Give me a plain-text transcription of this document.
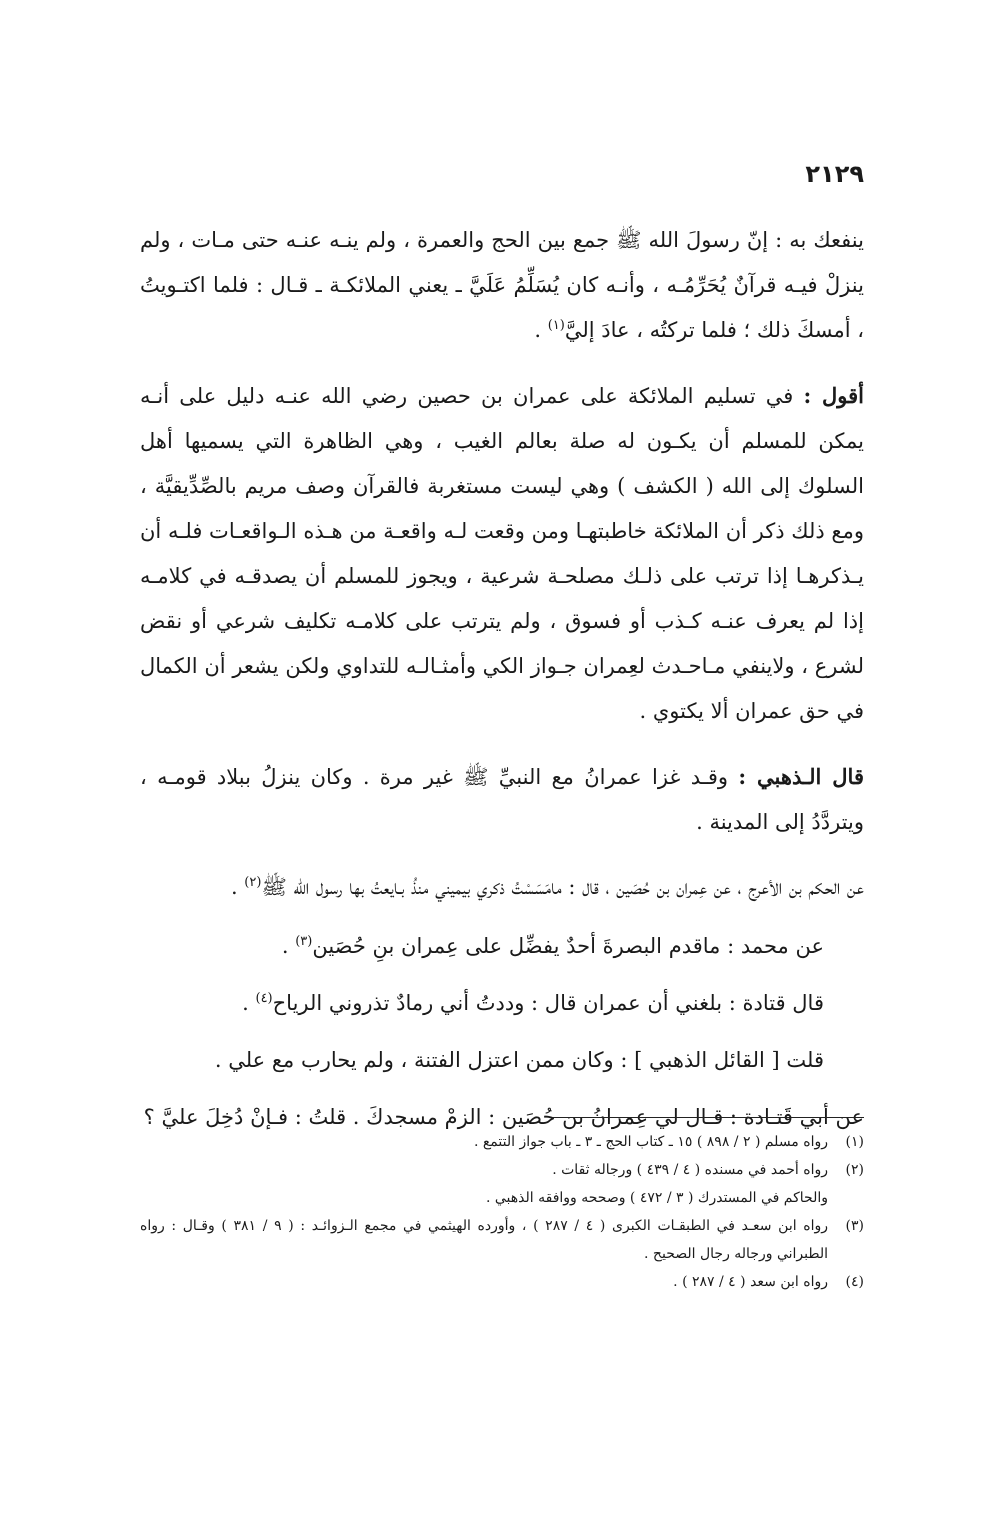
٢١٢٩

ينفعك به : إنّ رسولَ الله ﷺ جمع بين الحج والعمرة ، ولم ينـه عنـه حتى مـات ، ولم ينزلْ فيـه قرآنٌ يُحَرِّمُـه ، وأنـه كان يُسَلِّمُ عَلَيَّ ـ يعني الملائكـة ـ قـال : فلما اكتـويتُ ، أمسكَ ذلك ؛ فلما تركتُه ، عادَ إليَّ$^{(١)}$ .

أقول : في تسليم الملائكة على عمران بن حصين رضي الله عنـه دليل على أنـه يمكن للمسلم أن يكـون له صلة بعالم الغيب ، وهي الظاهرة التي يسميها أهل السلوك إلى الله ( الكشف ) وهي ليست مستغربة فالقرآن وصف مريم بالصِّدِّيقيَّة ، ومع ذلك ذكر أن الملائكة خاطبتهـا ومن وقعت لـه واقعـة من هـذه الـواقعـات فلـه أن يـذكرهـا إذا ترتب على ذلـك مصلحـة شرعية ، ويجوز للمسلم أن يصدقـه في كلامـه إذا لم يعرف عنـه كـذب أو فسوق ، ولم يترتب على كلامـه تكليف شرعي أو نقض لشرع ، ولاينفي مـاحـدث لعِمران جـواز الكي وأمثـالـه للتداوي ولكن يشعر أن الكمال في حق عمران ألا يكتوي .

قال الـذهبي : وقـد غزا عمرانُ مع النبيِّ ﷺ غير مرة . وكان ينزلُ ببلاد قومـه ، ويتردَّدُ إلى المدينة .

عن الحكم بن الأعرج ، عن عِمران بن حُصَين ، قال : مامَسَسْتُ ذكري بيميني منذُ بـايعتُ بها رسول الله ﷺ$^{(٢)}$ .

عن محمد : ماقدم البصرةَ أحدٌ يفضِّل على عِمران بنِ حُصَين$^{(٣)}$ .

قال قتادة : بلغني أن عمران قال : وددتُ أني رمادٌ تذروني الرياح$^{(٤)}$ .

قلت [ القائل الذهبي ] : وكان ممن اعتزل الفتنة ، ولم يحارب مع علي .

عن أبي قَتـادة : قـال لي عِمرانُ بن حُصَين : الزمْ مسجدكَ . قلتُ : فـإنْ دُخِلَ عليَّ ؟

(١)
رواه مسلم ( ٢ / ٨٩٨ ) ١٥ ـ كتاب الحج ـ ٣ ـ باب جواز التتمع .
(٢)
رواه أحمد في مسنده ( ٤ / ٤٣٩ ) ورجاله ثقات .
والحاكم في المستدرك ( ٣ / ٤٧٢ ) وصححه ووافقه الذهبي .
(٣)
رواه ابن سعـد في الطبقـات الكبرى ( ٤ / ٢٨٧ ) ، وأورده الهيثمي في مجمع الـزوائـد : ( ٩ / ٣٨١ ) وقـال : رواه الطبراني ورجاله رجال الصحيح .
(٤)
رواه ابن سعد ( ٤ / ٢٨٧ ) .
